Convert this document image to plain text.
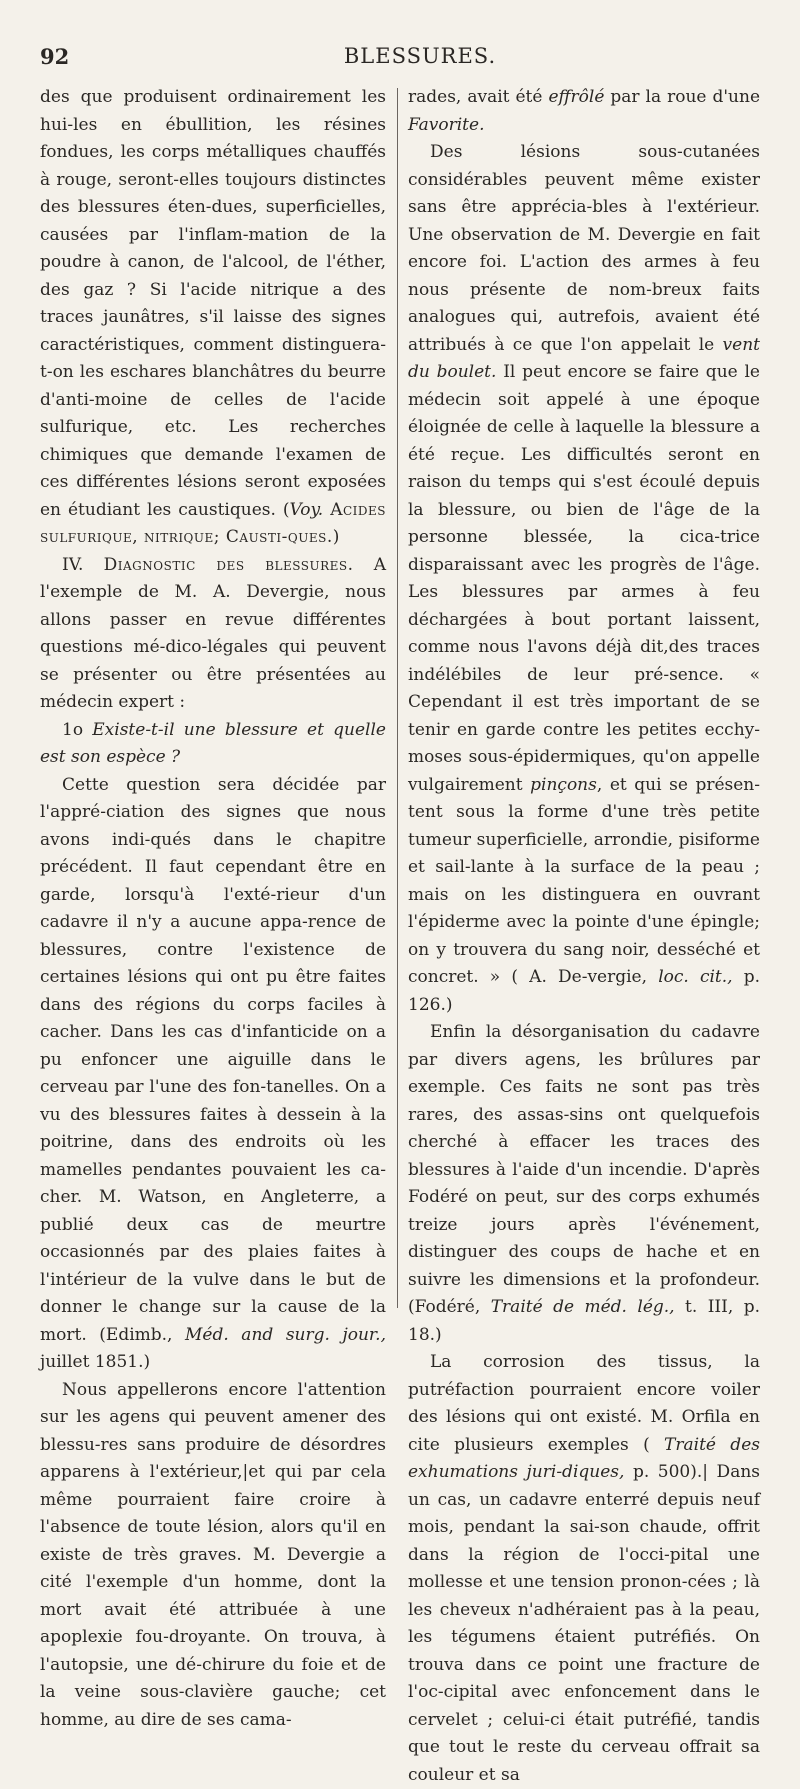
92	BLESSURES.

des que produisent ordinairement les hui-les en ébullition, les résines fondues, les corps métalliques chauffés à rouge, seront-elles toujours distinctes des blessures éten-dues, superficielles, causées par l'inflam-mation de la poudre à canon, de l'alcool, de l'éther, des gaz ? Si l'acide nitrique a des traces jaunâtres, s'il laisse des signes caractéristiques, comment distinguera-t-on les eschares blanchâtres du beurre d'anti-moine de celles de l'acide sulfurique, etc. Les recherches chimiques que demande l'examen de ces différentes lésions seront exposées en étudiant les caustiques. (Voy. Acides sulfurique, nitrique; Causti-ques.)

IV. Diagnostic des blessures. A l'exemple de M. A. Devergie, nous allons passer en revue différentes questions mé-dico-légales qui peuvent se présenter ou être présentées au médecin expert :

1o Existe-t-il une blessure et quelle est son espèce ?

Cette question sera décidée par l'appré-ciation des signes que nous avons indi-qués dans le chapitre précédent. Il faut cependant être en garde, lorsqu'à l'exté-rieur d'un cadavre il n'y a aucune appa-rence de blessures, contre l'existence de certaines lésions qui ont pu être faites dans des régions du corps faciles à cacher. Dans les cas d'infanticide on a pu enfoncer une aiguille dans le cerveau par l'une des fon-tanelles. On a vu des blessures faites à dessein à la poitrine, dans des endroits où les mamelles pendantes pouvaient les ca-cher. M. Watson, en Angleterre, a publié deux cas de meurtre occasionnés par des plaies faites à l'intérieur de la vulve dans le but de donner le change sur la cause de la mort. (Edimb., Méd. and surg. jour., juillet 1851.)

Nous appellerons encore l'attention sur les agens qui peuvent amener des blessu-res sans produire de désordres apparens à l'extérieur,|et qui par cela même pourraient faire croire à l'absence de toute lésion, alors qu'il en existe de très graves. M. Devergie a cité l'exemple d'un homme, dont la mort avait été attribuée à une apoplexie fou-droyante. On trouva, à l'autopsie, une dé-chirure du foie et de la veine sous-clavière gauche; cet homme, au dire de ses cama-

rades, avait été effrôlé par la roue d'une Favorite.

Des lésions sous-cutanées considérables peuvent même exister sans être apprécia-bles à l'extérieur. Une observation de M. Devergie en fait encore foi. L'action des armes à feu nous présente de nom-breux faits analogues qui, autrefois, avaient été attribués à ce que l'on appelait le vent du boulet. Il peut encore se faire que le médecin soit appelé à une époque éloignée de celle à laquelle la blessure a été reçue. Les difficultés seront en raison du temps qui s'est écoulé depuis la blessure, ou bien de l'âge de la personne blessée, la cica-trice disparaissant avec les progrès de l'âge. Les blessures par armes à feu déchargées à bout portant laissent, comme nous l'avons déjà dit,des traces indélébiles de leur pré-sence. « Cependant il est très important de se tenir en garde contre les petites ecchy-moses sous-épidermiques, qu'on appelle vulgairement pinçons, et qui se présen-tent sous la forme d'une très petite tumeur superficielle, arrondie, pisiforme et sail-lante à la surface de la peau ; mais on les distinguera en ouvrant l'épiderme avec la pointe d'une épingle; on y trouvera du sang noir, desséché et concret. » ( A. De-vergie, loc. cit., p. 126.)

Enfin la désorganisation du cadavre par divers agens, les brûlures par exemple. Ces faits ne sont pas très rares, des assas-sins ont quelquefois cherché à effacer les traces des blessures à l'aide d'un incendie. D'après Fodéré on peut, sur des corps exhumés treize jours après l'événement, distinguer des coups de hache et en suivre les dimensions et la profondeur. (Fodéré, Traité de méd. lég., t. III, p. 18.)

La corrosion des tissus, la putréfaction pourraient encore voiler des lésions qui ont existé. M. Orfila en cite plusieurs exemples ( Traité des exhumations juri-diques, p. 500).| Dans un cas, un cadavre enterré depuis neuf mois, pendant la sai-son chaude, offrit dans la région de l'occi-pital une mollesse et une tension pronon-cées ; là les cheveux n'adhéraient pas à la peau, les tégumens étaient putréfiés. On trouva dans ce point une fracture de l'oc-cipital avec enfoncement dans le cervelet ; celui-ci était putréfié, tandis que tout le reste du cerveau offrait sa couleur et sa
